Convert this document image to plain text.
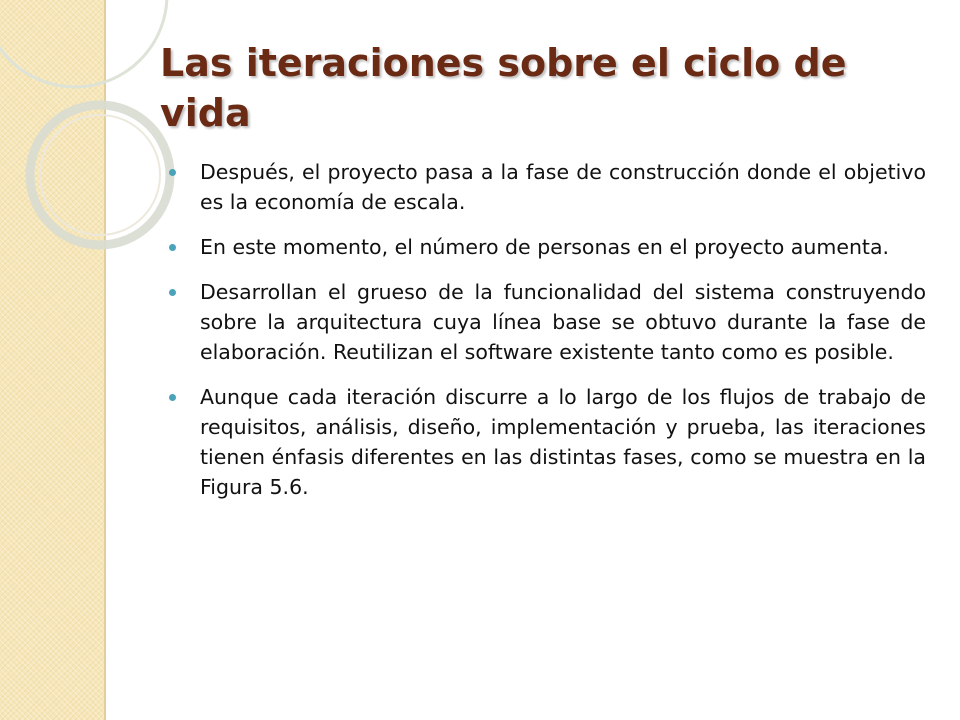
Las iteraciones sobre el ciclo de vida
Después, el proyecto pasa a la fase de construcción donde el objetivo es la economía de escala.
En este momento, el número de personas en el proyecto aumenta.
Desarrollan el grueso de la funcionalidad del sistema construyendo sobre la arquitectura cuya línea base se obtuvo durante la fase de elaboración. Reutilizan el software existente tanto como es posible.
Aunque cada iteración discurre a lo largo de los flujos de trabajo de requisitos, análisis, diseño, implementación y prueba, las iteraciones tienen énfasis diferentes en las distintas fases, como se muestra en la Figura 5.6.
